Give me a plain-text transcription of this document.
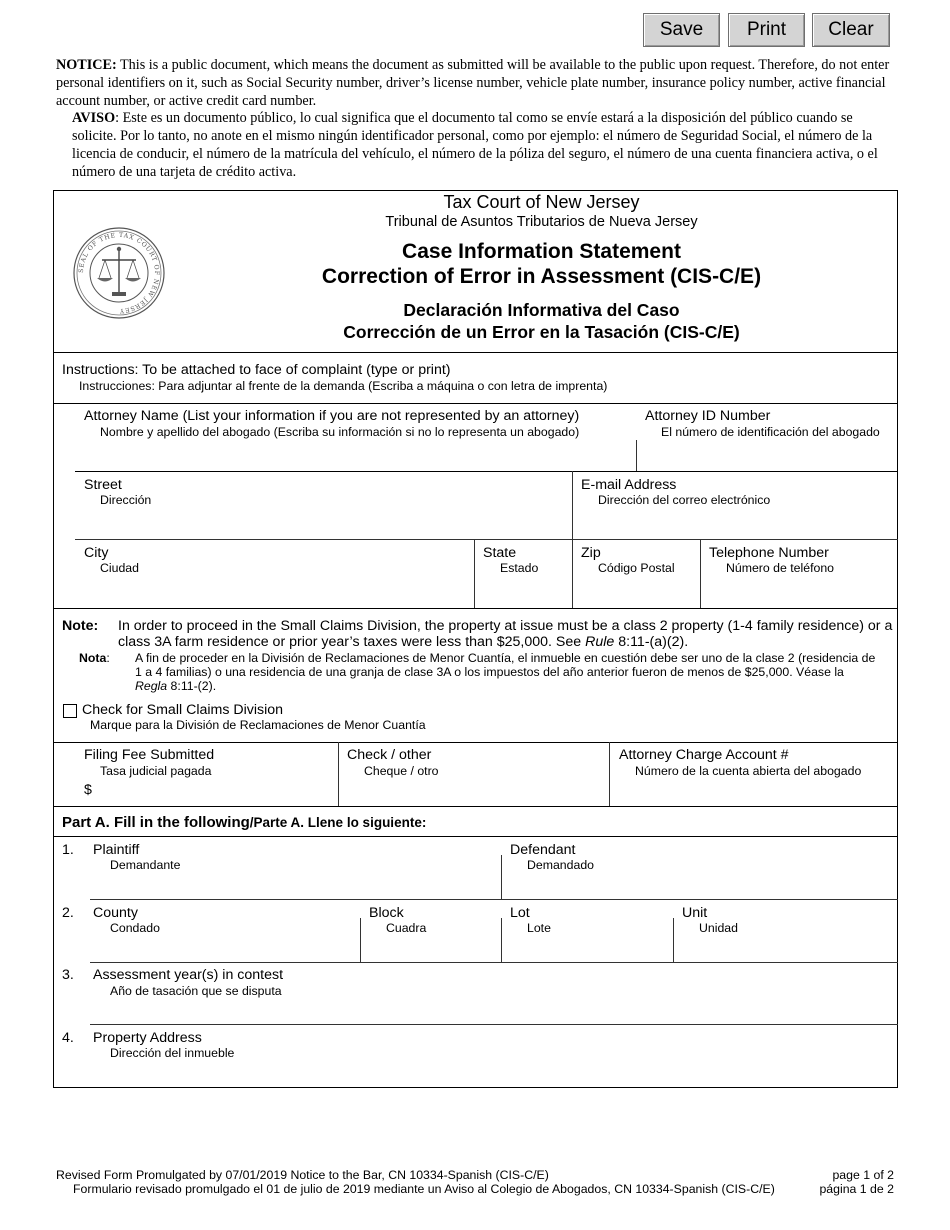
Save	Print	Clear
NOTICE: This is a public document, which means the document as submitted will be available to the public upon request. Therefore, do not enter personal identifiers on it, such as Social Security number, driver’s license number, vehicle plate number, insurance policy number, active financial account number, or active credit card number.
AVISO: Este es un documento público, lo cual significa que el documento tal como se envíe estará a la disposición del público cuando se solicite. Por lo tanto, no anote en el mismo ningún identificador personal, como por ejemplo: el número de Seguridad Social, el número de la licencia de conducir, el número de la matrícula del vehículo, el número de la póliza del seguro, el número de una cuenta financiera activa, o el número de una tarjeta de crédito activa.
SEAL OF THE TAX COURT OF NEW JERSEY
Tax Court of New Jersey
Tribunal de Asuntos Tributarios de Nueva Jersey
Case Information Statement
Correction of Error in Assessment (CIS-C/E)
Declaración Informativa del Caso
Corrección de un Error en la Tasación (CIS-C/E)
Instructions: To be attached to face of complaint (type or print)
Instrucciones: Para adjuntar al frente de la demanda (Escriba a máquina o con letra de imprenta)
Attorney Name (List your information if you are not represented by an attorney)
Nombre y apellido del abogado (Escriba su información si no lo representa un abogado)
Attorney ID Number
El número de identificación del abogado
Street
Dirección
E-mail Address
Dirección del correo electrónico
City
Ciudad
State
Estado
Zip
Código Postal
Telephone Number
Número de teléfono
Note: In order to proceed in the Small Claims Division, the property at issue must be a class 2 property (1-4 family residence) or a
class 3A farm residence or prior year’s taxes were less than $25,000. See Rule 8:11-(a)(2).
Nota: A fin de proceder en la División de Reclamaciones de Menor Cuantía, el inmueble en cuestión debe ser uno de la clase 2 (residencia de
1 a 4 familias) o una residencia de una granja de clase 3A o los impuestos del año anterior fueron de menos de $25,000. Véase la
Regla 8:11-(2).
Check for Small Claims Division
Marque para la División de Reclamaciones de Menor Cuantía
Filing Fee Submitted
Tasa judicial pagada
$
Check / other
Cheque / otro
Attorney Charge Account #
Número de la cuenta abierta del abogado
Part A. Fill in the following/Parte A. Llene lo siguiente:
1. Plaintiff
Demandante
Defendant
Demandado
2. County
Condado
Block
Cuadra
Lot
Lote
Unit
Unidad
3. Assessment year(s) in contest
Año de tasación que se disputa
4. Property Address
Dirección del inmueble
Revised Form Promulgated by 07/01/2019 Notice to the Bar, CN 10334-Spanish (CIS-C/E)
Formulario revisado promulgado el 01 de julio de 2019 mediante un Aviso al Colegio de Abogados, CN 10334-Spanish (CIS-C/E)
page 1 of 2
página 1 de 2
